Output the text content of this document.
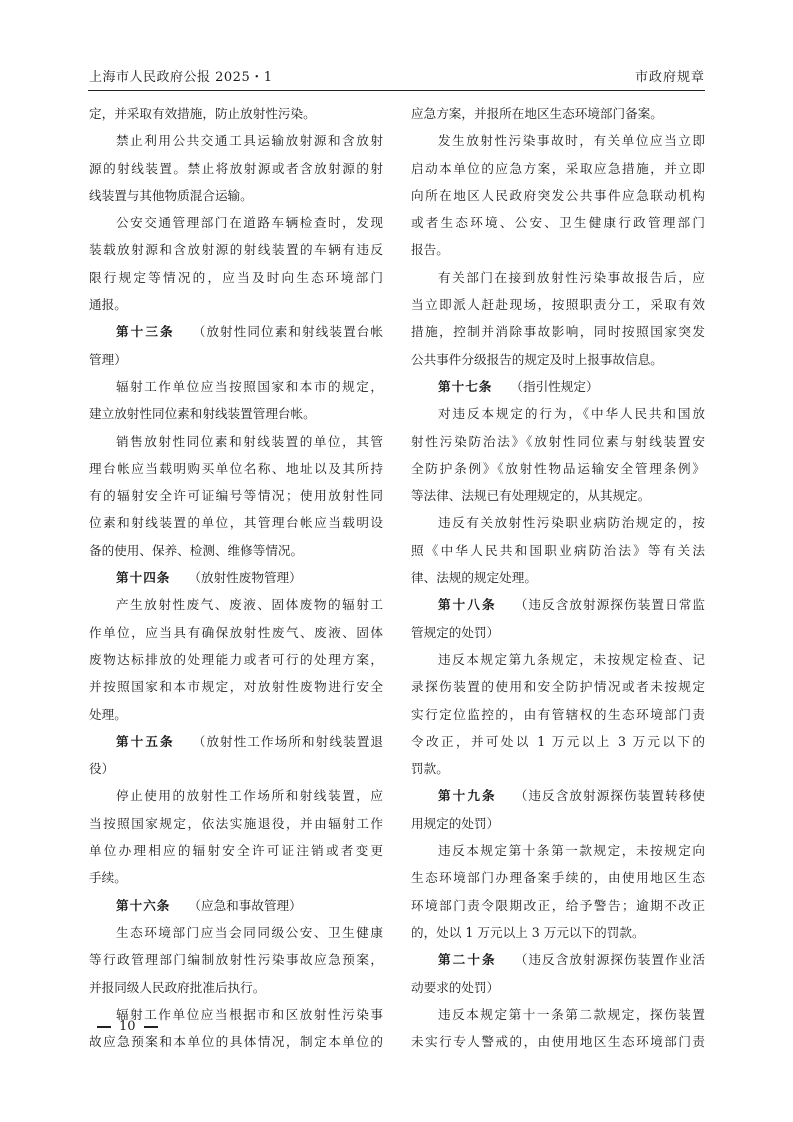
上海市人民政府公报 2025・1	市政府规章
定，并采取有效措施，防止放射性污染。
禁止利用公共交通工具运输放射源和含放射
源的射线装置。禁止将放射源或者含放射源的射
线装置与其他物质混合运输。
公安交通管理部门在道路车辆检查时，发现
装载放射源和含放射源的射线装置的车辆有违反
限行规定等情况的，应当及时向生态环境部门
通报。
第十三条 （放射性同位素和射线装置台帐
管理）
辐射工作单位应当按照国家和本市的规定，
建立放射性同位素和射线装置管理台帐。
销售放射性同位素和射线装置的单位，其管
理台帐应当载明购买单位名称、地址以及其所持
有的辐射安全许可证编号等情况；使用放射性同
位素和射线装置的单位，其管理台帐应当载明设
备的使用、保养、检测、维修等情况。
第十四条 （放射性废物管理）
产生放射性废气、废液、固体废物的辐射工
作单位，应当具有确保放射性废气、废液、固体
废物达标排放的处理能力或者可行的处理方案，
并按照国家和本市规定，对放射性废物进行安全
处理。
第十五条 （放射性工作场所和射线装置退
役）
停止使用的放射性工作场所和射线装置，应
当按照国家规定，依法实施退役，并由辐射工作
单位办理相应的辐射安全许可证注销或者变更
手续。
第十六条 （应急和事故管理）
生态环境部门应当会同同级公安、卫生健康
等行政管理部门编制放射性污染事故应急预案，
并报同级人民政府批准后执行。
辐射工作单位应当根据市和区放射性污染事
故应急预案和本单位的具体情况，制定本单位的
应急方案，并报所在地区生态环境部门备案。
发生放射性污染事故时，有关单位应当立即
启动本单位的应急方案，采取应急措施，并立即
向所在地区人民政府突发公共事件应急联动机构
或者生态环境、公安、卫生健康行政管理部门
报告。
有关部门在接到放射性污染事故报告后，应
当立即派人赶赴现场，按照职责分工，采取有效
措施，控制并消除事故影响，同时按照国家突发
公共事件分级报告的规定及时上报事故信息。
第十七条 （指引性规定）
对违反本规定的行为，《中华人民共和国放
射性污染防治法》《放射性同位素与射线装置安
全防护条例》《放射性物品运输安全管理条例》
等法律、法规已有处理规定的，从其规定。
违反有关放射性污染职业病防治规定的，按
照《中华人民共和国职业病防治法》等有关法
律、法规的规定处理。
第十八条 （违反含放射源探伤装置日常监
管规定的处罚）
违反本规定第九条规定，未按规定检查、记
录探伤装置的使用和安全防护情况或者未按规定
实行定位监控的，由有管辖权的生态环境部门责
令改正，并可处以 1 万元以上 3 万元以下的
罚款。
第十九条 （违反含放射源探伤装置转移使
用规定的处罚）
违反本规定第十条第一款规定，未按规定向
生态环境部门办理备案手续的，由使用地区生态
环境部门责令限期改正，给予警告；逾期不改正
的，处以 1 万元以上 3 万元以下的罚款。
第二十条 （违反含放射源探伤装置作业活
动要求的处罚）
违反本规定第十一条第二款规定，探伤装置
未实行专人警戒的，由使用地区生态环境部门责
10
